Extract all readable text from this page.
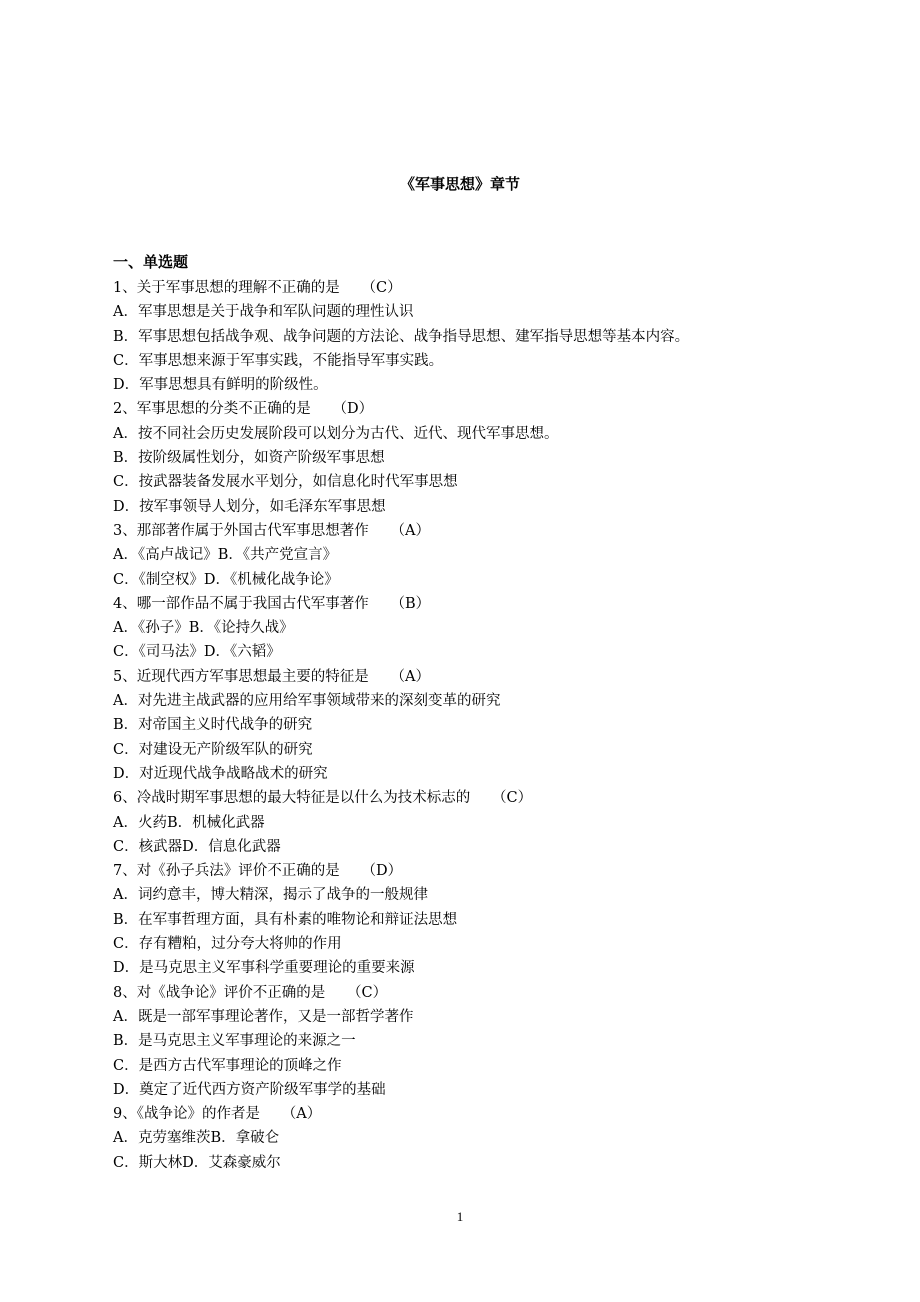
《军事思想》章节
一、单选题
1、关于军事思想的理解不正确的是　　（C）
A．军事思想是关于战争和军队问题的理性认识
B．军事思想包括战争观、战争问题的方法论、战争指导思想、建军指导思想等基本内容。
C．军事思想来源于军事实践，不能指导军事实践。
D．军事思想具有鲜明的阶级性。
2、军事思想的分类不正确的是　　（D）
A．按不同社会历史发展阶段可以划分为古代、近代、现代军事思想。
B．按阶级属性划分，如资产阶级军事思想
C．按武器装备发展水平划分，如信息化时代军事思想
D．按军事领导人划分，如毛泽东军事思想
3、那部著作属于外国古代军事思想著作　　（A）
A．《高卢战记》B．《共产党宣言》
C．《制空权》D．《机械化战争论》
4、哪一部作品不属于我国古代军事著作　　（B）
A．《孙子》B．《论持久战》
C．《司马法》D．《六韬》
5、近现代西方军事思想最主要的特征是　　（A）
A．对先进主战武器的应用给军事领域带来的深刻变革的研究
B．对帝国主义时代战争的研究
C．对建设无产阶级军队的研究
D．对近现代战争战略战术的研究
6、冷战时期军事思想的最大特征是以什么为技术标志的　　（C）
A．火药B．机械化武器
C．核武器D．信息化武器
7、对《孙子兵法》评价不正确的是　　（D）
A．词约意丰，博大精深，揭示了战争的一般规律
B．在军事哲理方面，具有朴素的唯物论和辩证法思想
C．存有糟粕，过分夸大将帅的作用
D．是马克思主义军事科学重要理论的重要来源
8、对《战争论》评价不正确的是　　（C）
A．既是一部军事理论著作，又是一部哲学著作
B．是马克思主义军事理论的来源之一
C．是西方古代军事理论的顶峰之作
D．奠定了近代西方资产阶级军事学的基础
9、《战争论》的作者是　　（A）
A．克劳塞维茨B．拿破仑
C．斯大林D．艾森豪威尔
1
